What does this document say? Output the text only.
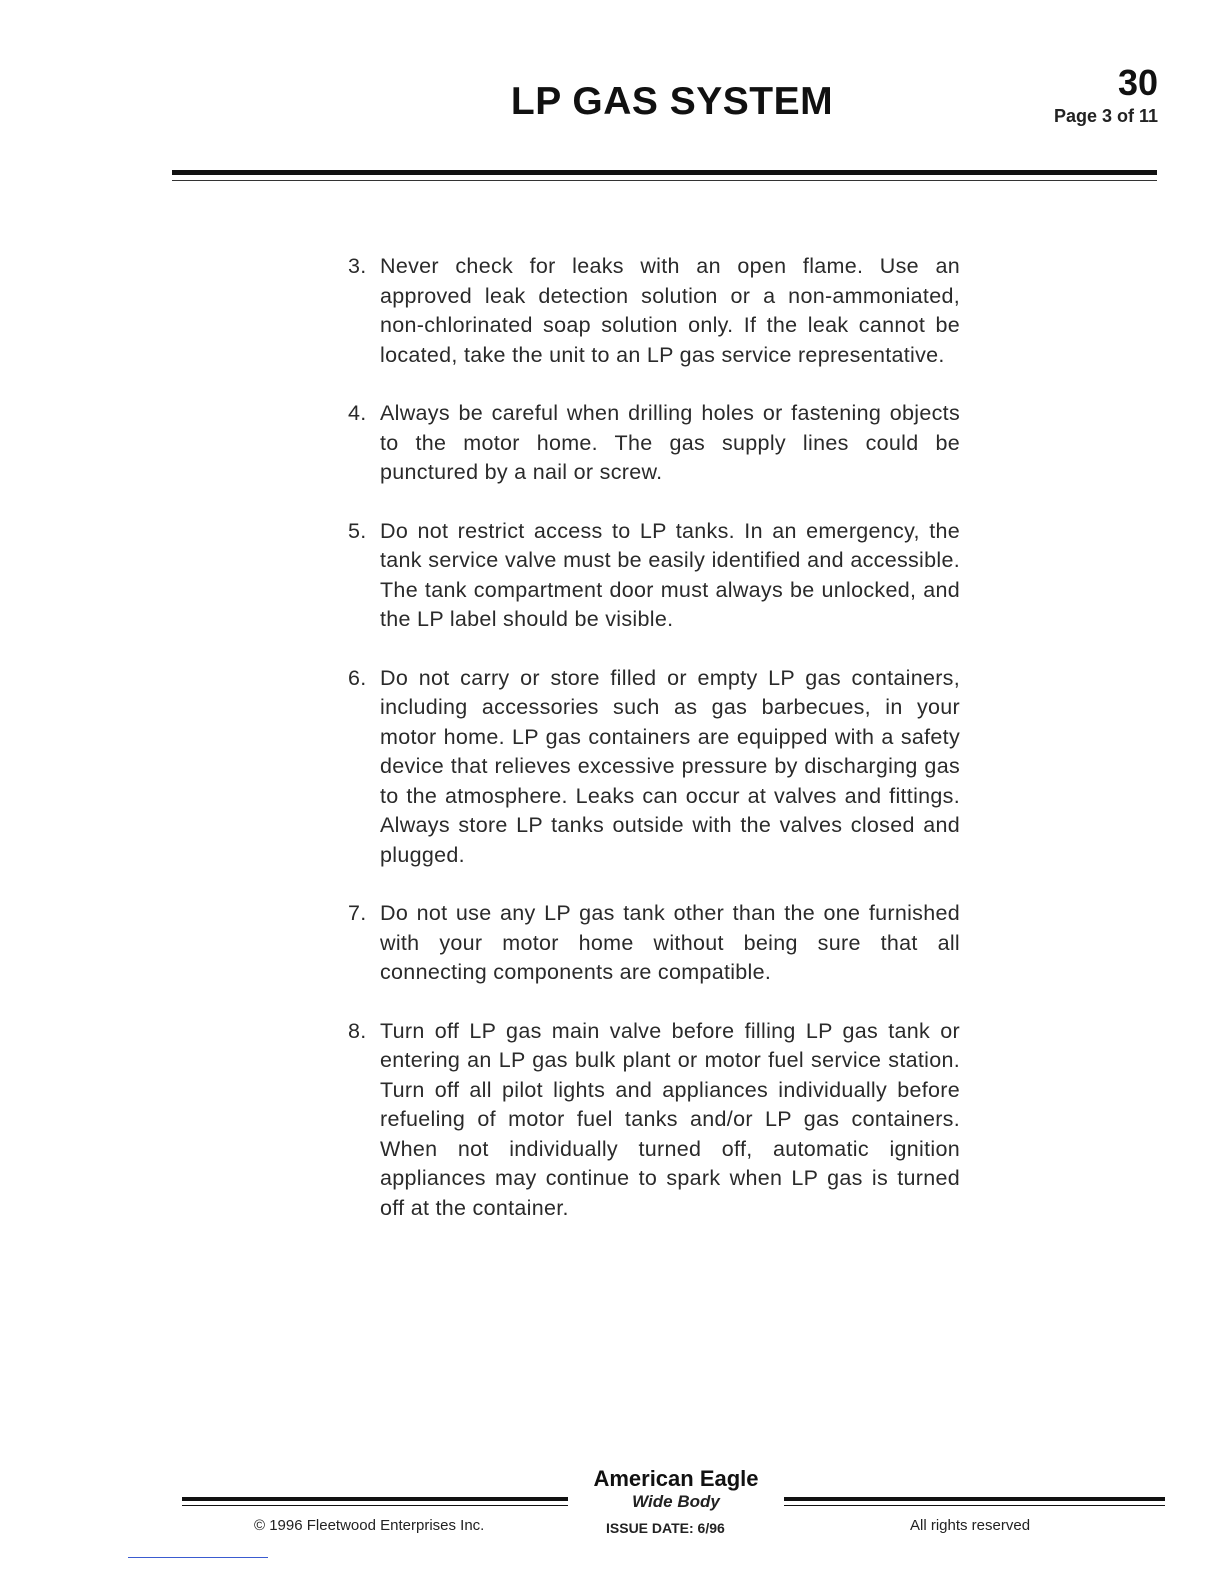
LP GAS SYSTEM	30
Page 3 of 11
3. Never check for leaks with an open flame. Use an approved leak detection solution or a non-ammoniated, non-chlorinated soap solution only. If the leak cannot be located, take the unit to an LP gas service representative.
4. Always be careful when drilling holes or fastening objects to the motor home. The gas supply lines could be punctured by a nail or screw.
5. Do not restrict access to LP tanks. In an emergency, the tank service valve must be easily identified and accessible. The tank compartment door must always be unlocked, and the LP label should be visible.
6. Do not carry or store filled or empty LP gas containers, including accessories such as gas barbecues, in your motor home. LP gas containers are equipped with a safety device that relieves excessive pressure by discharging gas to the atmosphere. Leaks can occur at valves and fittings. Always store LP tanks outside with the valves closed and plugged.
7. Do not use any LP gas tank other than the one furnished with your motor home without being sure that all connecting components are compatible.
8. Turn off LP gas main valve before filling LP gas tank or entering an LP gas bulk plant or motor fuel service station. Turn off all pilot lights and appliances individually before refueling of motor fuel tanks and/or LP gas containers. When not individually turned off, automatic ignition appliances may continue to spark when LP gas is turned off at the container.
American Eagle
Wide Body
© 1996 Fleetwood Enterprises Inc.	ISSUE DATE: 6/96	All rights reserved
